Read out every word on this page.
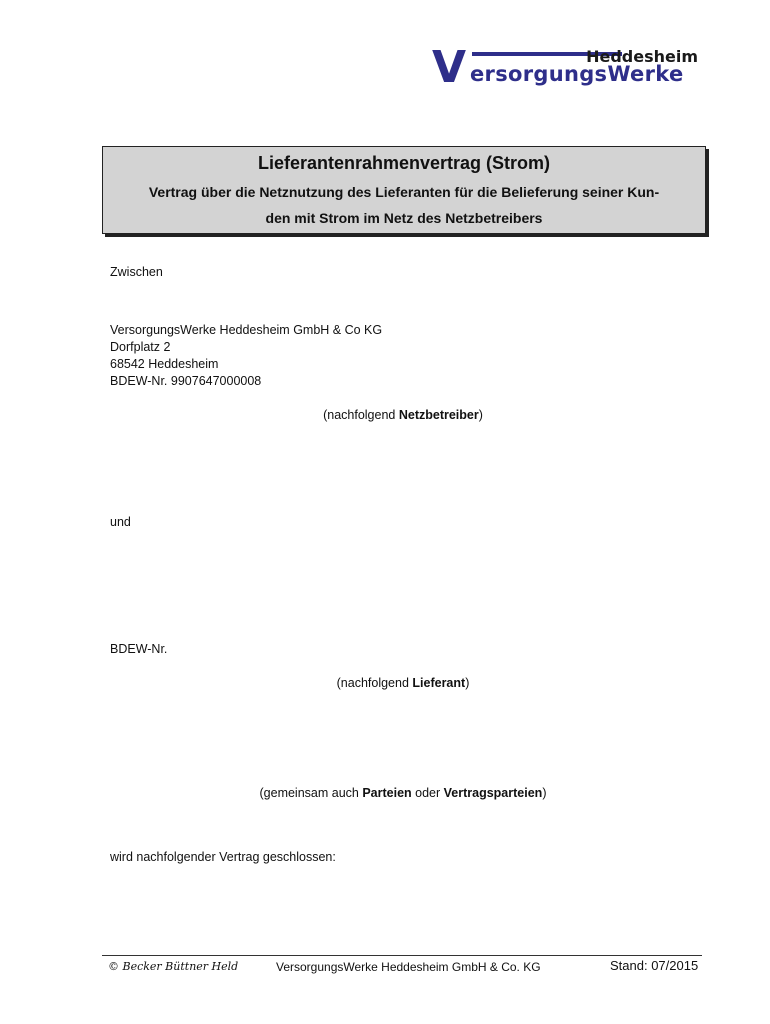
V	Heddesheim
ersorgungsWerke
Lieferantenrahmenvertrag (Strom)
Vertrag über die Netznutzung des Lieferanten für die Belieferung seiner Kun-
den mit Strom im Netz des Netzbetreibers
Zwischen
VersorgungsWerke Heddesheim GmbH & Co KG
Dorfplatz 2
68542 Heddesheim
BDEW-Nr. 9907647000008
(nachfolgend Netzbetreiber)
und
BDEW-Nr.
(nachfolgend Lieferant)
(gemeinsam auch Parteien oder Vertragsparteien)
wird nachfolgender Vertrag geschlossen:
© Becker Büttner Held	VersorgungsWerke Heddesheim GmbH & Co. KG	Stand: 07/2015
